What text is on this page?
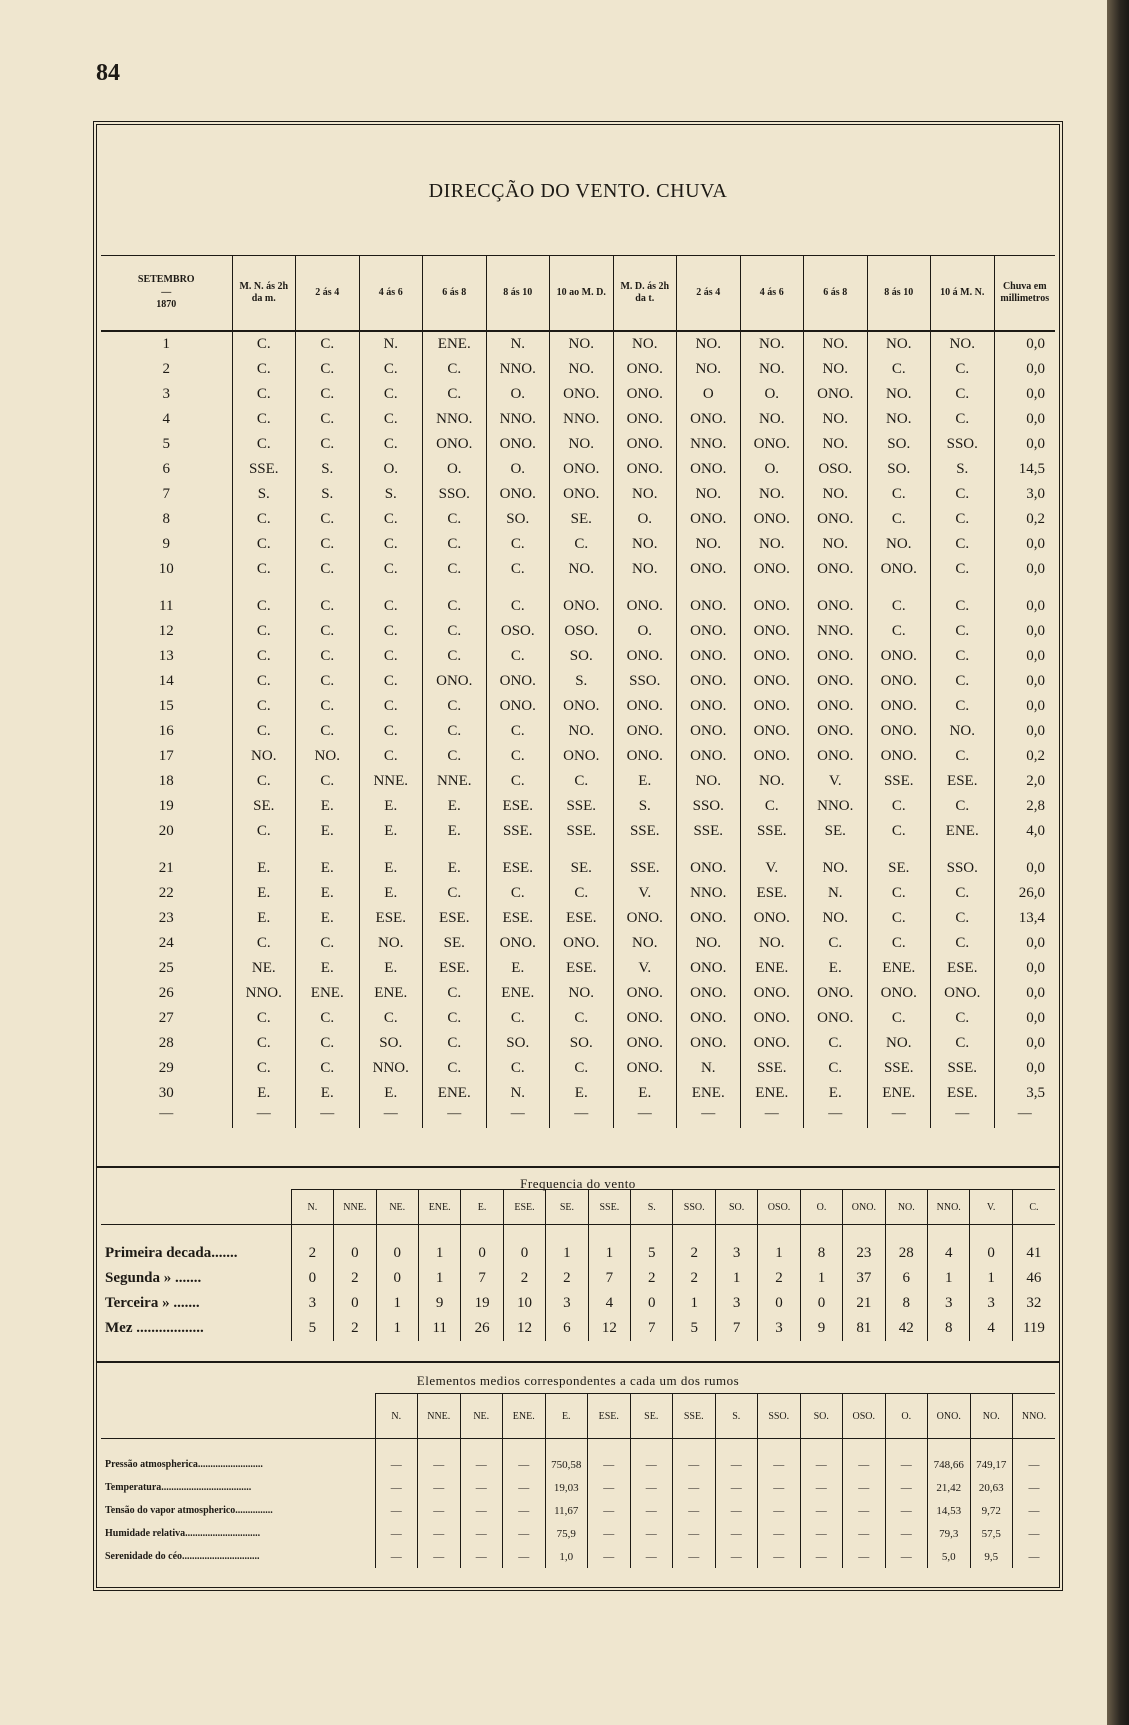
84
DIRECÇÃO DO VENTO. CHUVA
SETEMBRO
—
1870	M. N. ás 2h da m.	2 ás 4	4 ás 6	6 ás 8	8 ás 10	10 ao M. D.	M. D. ás 2h da t.	2 ás 4	4 ás 6	6 ás 8	8 ás 10	10 á M. N.	Chuva em millimetros
1	C.	C.	N.	ENE.	N.	NO.	NO.	NO.	NO.	NO.	NO.	NO.	0,0
2	C.	C.	C.	C.	NNO.	NO.	ONO.	NO.	NO.	NO.	C.	C.	0,0
3	C.	C.	C.	C.	O.	ONO.	ONO.	O	O.	ONO.	NO.	C.	0,0
4	C.	C.	C.	NNO.	NNO.	NNO.	ONO.	ONO.	NO.	NO.	NO.	C.	0,0
5	C.	C.	C.	ONO.	ONO.	NO.	ONO.	NNO.	ONO.	NO.	SO.	SSO.	0,0
6	SSE.	S.	O.	O.	O.	ONO.	ONO.	ONO.	O.	OSO.	SO.	S.	14,5
7	S.	S.	S.	SSO.	ONO.	ONO.	NO.	NO.	NO.	NO.	C.	C.	3,0
8	C.	C.	C.	C.	SO.	SE.	O.	ONO.	ONO.	ONO.	C.	C.	0,2
9	C.	C.	C.	C.	C.	C.	NO.	NO.	NO.	NO.	NO.	C.	0,0
10	C.	C.	C.	C.	C.	NO.	NO.	ONO.	ONO.	ONO.	ONO.	C.	0,0

11	C.	C.	C.	C.	C.	ONO.	ONO.	ONO.	ONO.	ONO.	C.	C.	0,0
12	C.	C.	C.	C.	OSO.	OSO.	O.	ONO.	ONO.	NNO.	C.	C.	0,0
13	C.	C.	C.	C.	C.	SO.	ONO.	ONO.	ONO.	ONO.	ONO.	C.	0,0
14	C.	C.	C.	ONO.	ONO.	S.	SSO.	ONO.	ONO.	ONO.	ONO.	C.	0,0
15	C.	C.	C.	C.	ONO.	ONO.	ONO.	ONO.	ONO.	ONO.	ONO.	C.	0,0
16	C.	C.	C.	C.	C.	NO.	ONO.	ONO.	ONO.	ONO.	ONO.	NO.	0,0
17	NO.	NO.	C.	C.	C.	ONO.	ONO.	ONO.	ONO.	ONO.	ONO.	C.	0,2
18	C.	C.	NNE.	NNE.	C.	C.	E.	NO.	NO.	V.	SSE.	ESE.	2,0
19	SE.	E.	E.	E.	ESE.	SSE.	S.	SSO.	C.	NNO.	C.	C.	2,8
20	C.	E.	E.	E.	SSE.	SSE.	SSE.	SSE.	SSE.	SE.	C.	ENE.	4,0

21	E.	E.	E.	E.	ESE.	SE.	SSE.	ONO.	V.	NO.	SE.	SSO.	0,0
22	E.	E.	E.	C.	C.	C.	V.	NNO.	ESE.	N.	C.	C.	26,0
23	E.	E.	ESE.	ESE.	ESE.	ESE.	ONO.	ONO.	ONO.	NO.	C.	C.	13,4
24	C.	C.	NO.	SE.	ONO.	ONO.	NO.	NO.	NO.	C.	C.	C.	0,0
25	NE.	E.	E.	ESE.	E.	ESE.	V.	ONO.	ENE.	E.	ENE.	ESE.	0,0
26	NNO.	ENE.	ENE.	C.	ENE.	NO.	ONO.	ONO.	ONO.	ONO.	ONO.	ONO.	0,0
27	C.	C.	C.	C.	C.	C.	ONO.	ONO.	ONO.	ONO.	C.	C.	0,0
28	C.	C.	SO.	C.	SO.	SO.	ONO.	ONO.	ONO.	C.	NO.	C.	0,0
29	C.	C.	NNO.	C.	C.	C.	ONO.	N.	SSE.	C.	SSE.	SSE.	0,0
30	E.	E.	E.	ENE.	N.	E.	E.	ENE.	ENE.	E.	ENE.	ESE.	3,5
—	—	—	—	—	—	—	—	—	—	—	—	—	—
Frequencia do vento
	N.	NNE.	NE.	ENE.	E.	ESE.	SE.	SSE.	S.	SSO.	SO.	OSO.	O.	ONO.	NO.	NNO.	V.	C.
Primeira decada.......	2	0	0	1	0	0	1	1	5	2	3	1	8	23	28	4	0	41
Segunda » .......	0	2	0	1	7	2	2	7	2	2	1	2	1	37	6	1	1	46
Terceira » .......	3	0	1	9	19	10	3	4	0	1	3	0	0	21	8	3	3	32
Mez ..................	5	2	1	11	26	12	6	12	7	5	7	3	9	81	42	8	4	119
Elementos medios correspondentes a cada um dos rumos
	N.	NNE.	NE.	ENE.	E.	ESE.	SE.	SSE.	S.	SSO.	SO.	OSO.	O.	ONO.	NO.	NNO.
Pressão atmospherica..........................	—	—	—	—	750,58	—	—	—	—	—	—	—	—	748,66	749,17	—
Temperatura....................................	—	—	—	—	19,03	—	—	—	—	—	—	—	—	21,42	20,63	—
Tensão do vapor atmospherico...............	—	—	—	—	11,67	—	—	—	—	—	—	—	—	14,53	9,72	—
Humidade relativa..............................	—	—	—	—	75,9	—	—	—	—	—	—	—	—	79,3	57,5	—
Serenidade do céo...............................	—	—	—	—	1,0	—	—	—	—	—	—	—	—	5,0	9,5	—
